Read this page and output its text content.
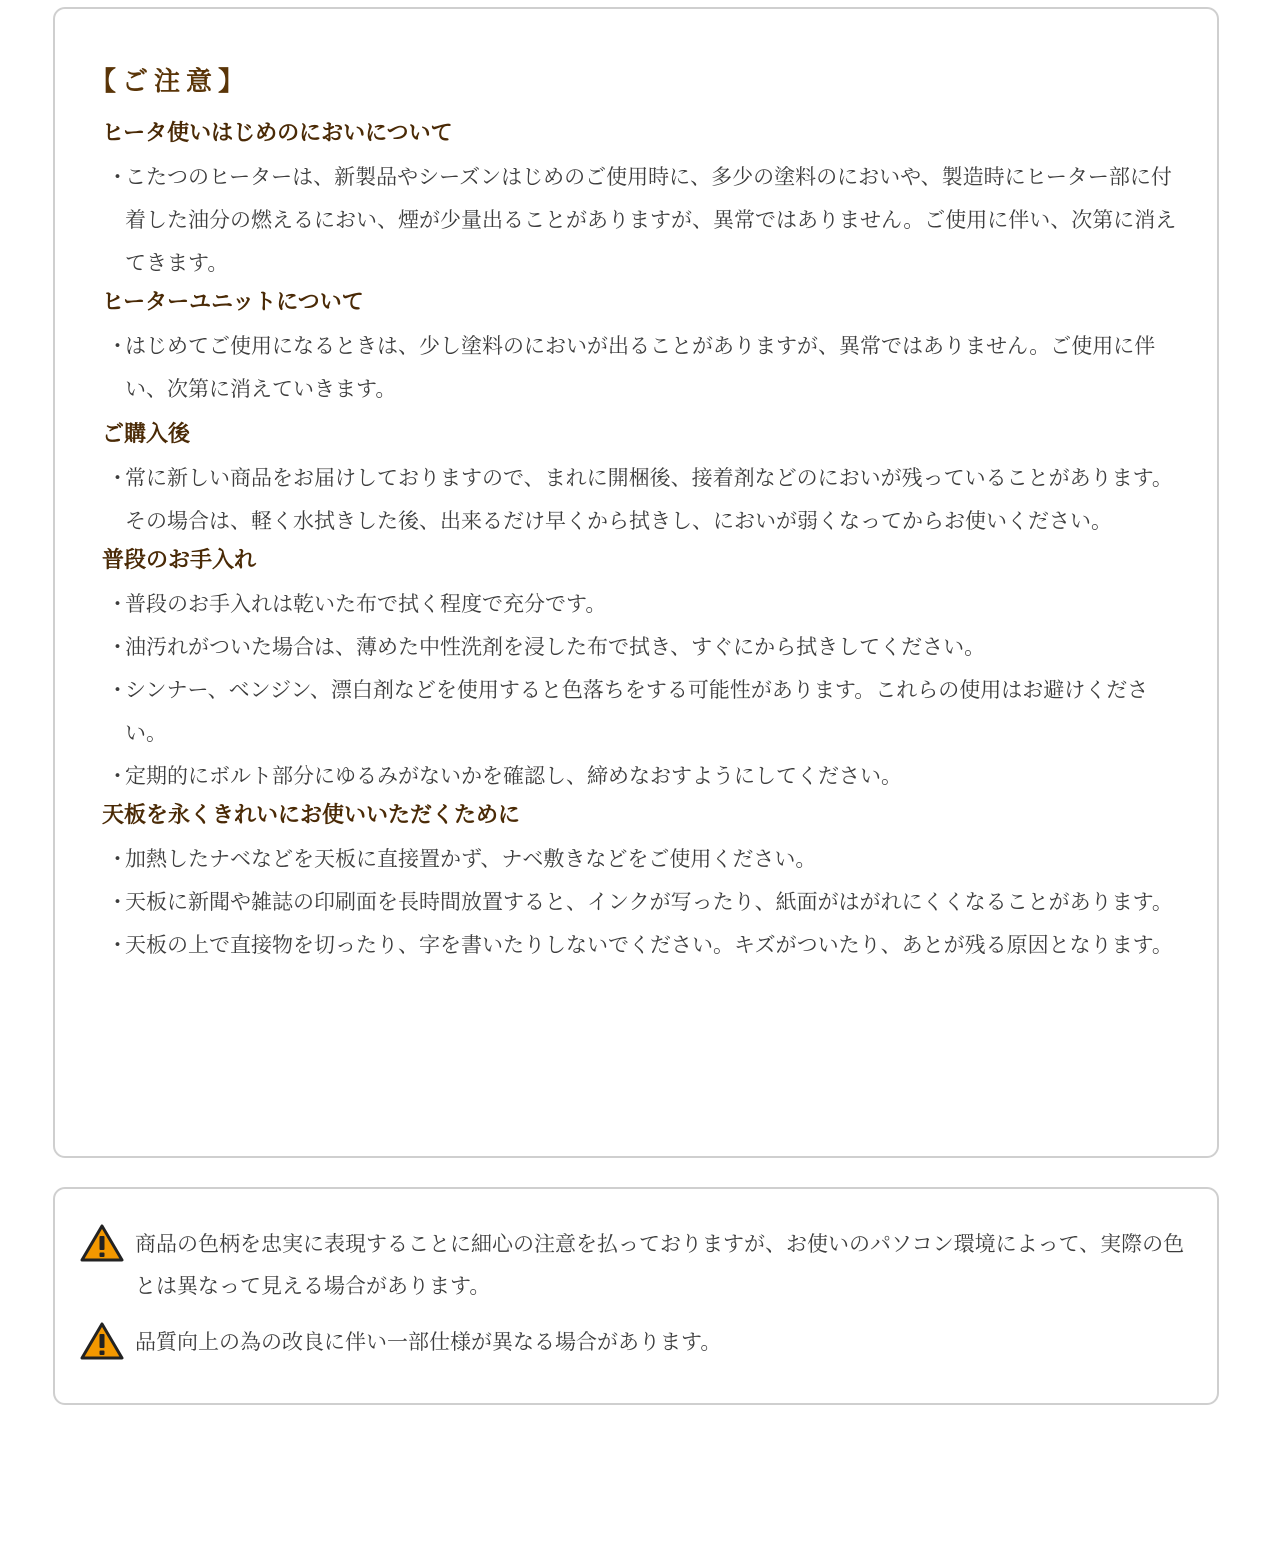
【ご注意】
ヒータ使いはじめのにおいについて
・ こたつのヒーターは、新製品やシーズンはじめのご使用時に、多少の塗料のにおいや、製造時にヒーター部に付着した油分の燃えるにおい、煙が少量出ることがありますが、異常ではありません。ご使用に伴い、次第に消えてきます。
ヒーターユニットについて
・ はじめてご使用になるときは、少し塗料のにおいが出ることがありますが、異常ではありません。ご使用に伴い、次第に消えていきます。
ご購入後
・ 常に新しい商品をお届けしておりますので、まれに開梱後、接着剤などのにおいが残っていることがあります。その場合は、軽く水拭きした後、出来るだけ早くから拭きし、においが弱くなってからお使いください。
普段のお手入れ
・ 普段のお手入れは乾いた布で拭く程度で充分です。
・ 油汚れがついた場合は、薄めた中性洗剤を浸した布で拭き、すぐにから拭きしてください。
・ シンナー、ベンジン、漂白剤などを使用すると色落ちをする可能性があります。これらの使用はお避けください。
・ 定期的にボルト部分にゆるみがないかを確認し、締めなおすようにしてください。
天板を永くきれいにお使いいただくために
・ 加熱したナベなどを天板に直接置かず、ナベ敷きなどをご使用ください。
・ 天板に新聞や雑誌の印刷面を長時間放置すると、インクが写ったり、紙面がはがれにくくなることがあります。
・ 天板の上で直接物を切ったり、字を書いたりしないでください。キズがついたり、あとが残る原因となります。
商品の色柄を忠実に表現することに細心の注意を払っておりますが、お使いのパソコン環境によって、実際の色とは異なって見える場合があります。
品質向上の為の改良に伴い一部仕様が異なる場合があります。
